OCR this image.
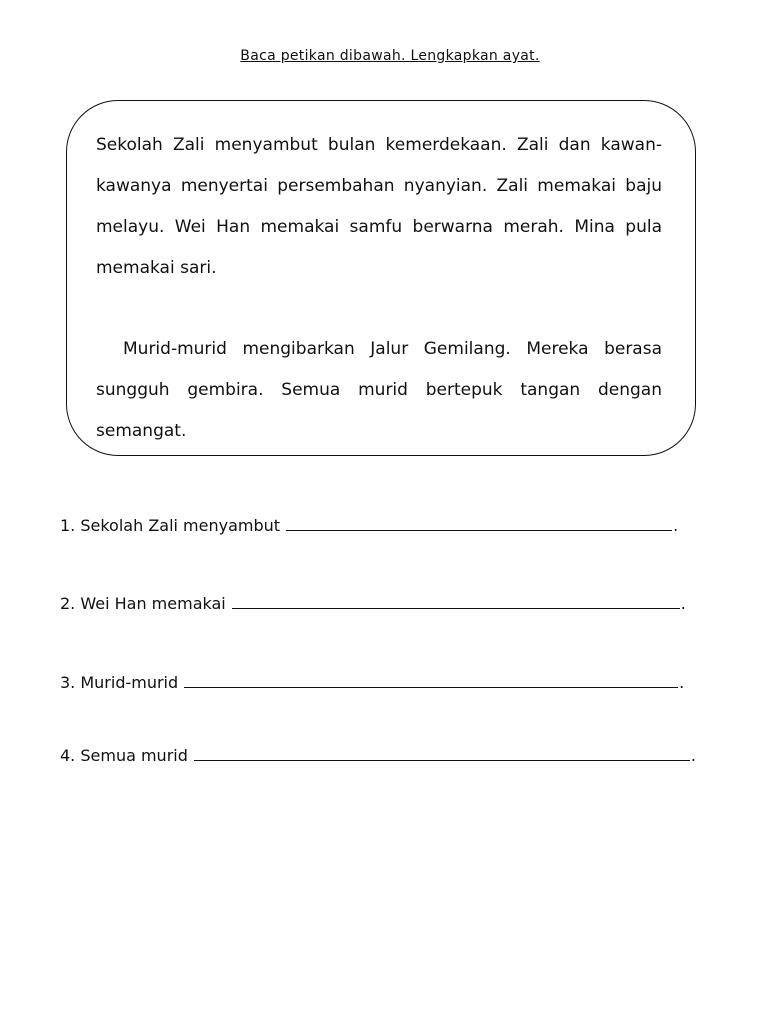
Baca petikan dibawah. Lengkapkan ayat.

Sekolah Zali menyambut bulan kemerdekaan. Zali dan kawan-kawanya menyertai persembahan nyanyian. Zali memakai baju melayu. Wei Han memakai samfu berwarna merah. Mina pula memakai sari.

Murid-murid mengibarkan Jalur Gemilang. Mereka berasa sungguh gembira. Semua murid bertepuk tangan dengan semangat.

1. Sekolah Zali menyambut	.
2. Wei Han memakai	.
3. Murid-murid	.
4. Semua murid	.
